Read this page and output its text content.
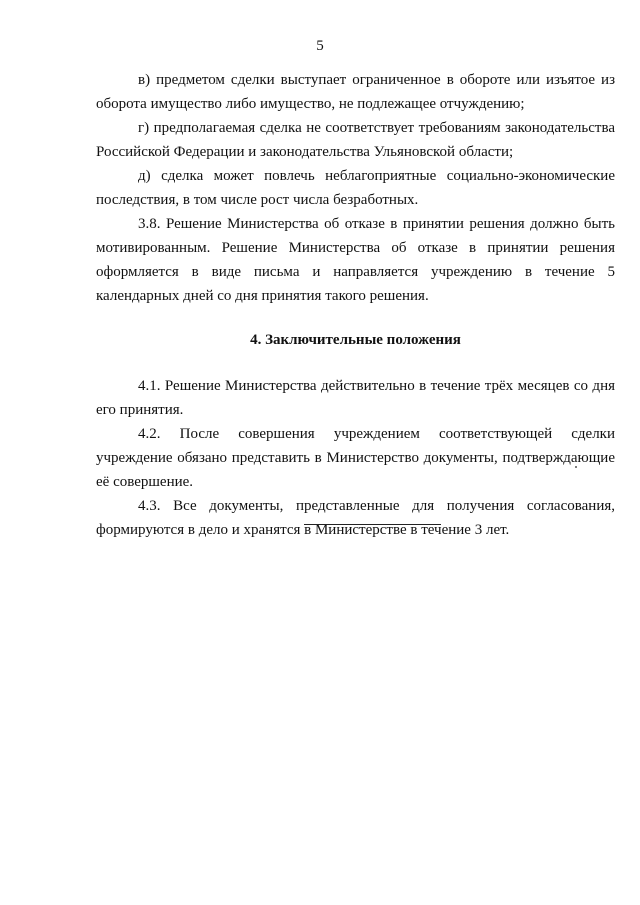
5

в) предметом сделки выступает ограниченное в обороте или изъятое из оборота имущество либо имущество, не подлежащее отчуждению;

г) предполагаемая сделка не соответствует требованиям законодательства Российской Федерации и законодательства Ульяновской области;

д) сделка может повлечь неблагоприятные социально-экономические последствия, в том числе рост числа безработных.

3.8. Решение Министерства об отказе в принятии решения должно быть мотивированным. Решение Министерства об отказе в принятии решения оформляется в виде письма и направляется учреждению в течение 5 календарных дней со дня принятия такого решения.

4. Заключительные положения

4.1. Решение Министерства действительно в течение трёх месяцев со дня его принятия.

4.2. После совершения учреждением соответствующей сделки учреждение обязано представить в Министерство документы, подтверждающие её совершение.

4.3. Все документы, представленные для получения согласования, формируются в дело и хранятся в Министерстве в течение 3 лет.
